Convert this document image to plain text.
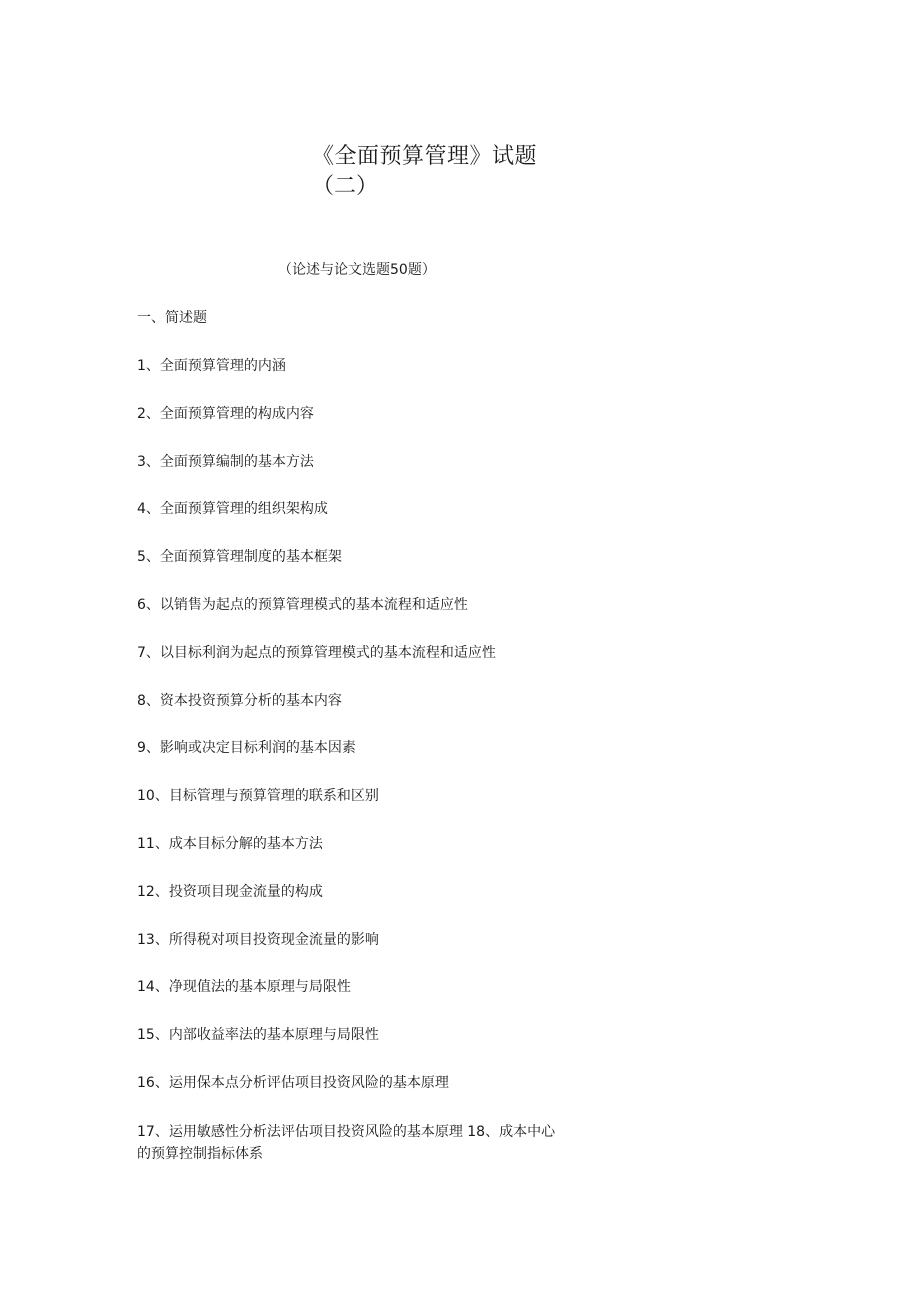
《全面预算管理》试题
（二）
（论述与论文选题50题）
一、简述题
1、全面预算管理的内涵
2、全面预算管理的构成内容
3、全面预算编制的基本方法
4、全面预算管理的组织架构成
5、全面预算管理制度的基本框架
6、以销售为起点的预算管理模式的基本流程和适应性
7、以目标利润为起点的预算管理模式的基本流程和适应性
8、资本投资预算分析的基本内容
9、影响或决定目标利润的基本因素
10、目标管理与预算管理的联系和区别
11、成本目标分解的基本方法
12、投资项目现金流量的构成
13、所得税对项目投资现金流量的影响
14、净现值法的基本原理与局限性
15、内部收益率法的基本原理与局限性
16、运用保本点分析评估项目投资风险的基本原理
17、运用敏感性分析法评估项目投资风险的基本原理 18、成本中心的预算控制指标体系
